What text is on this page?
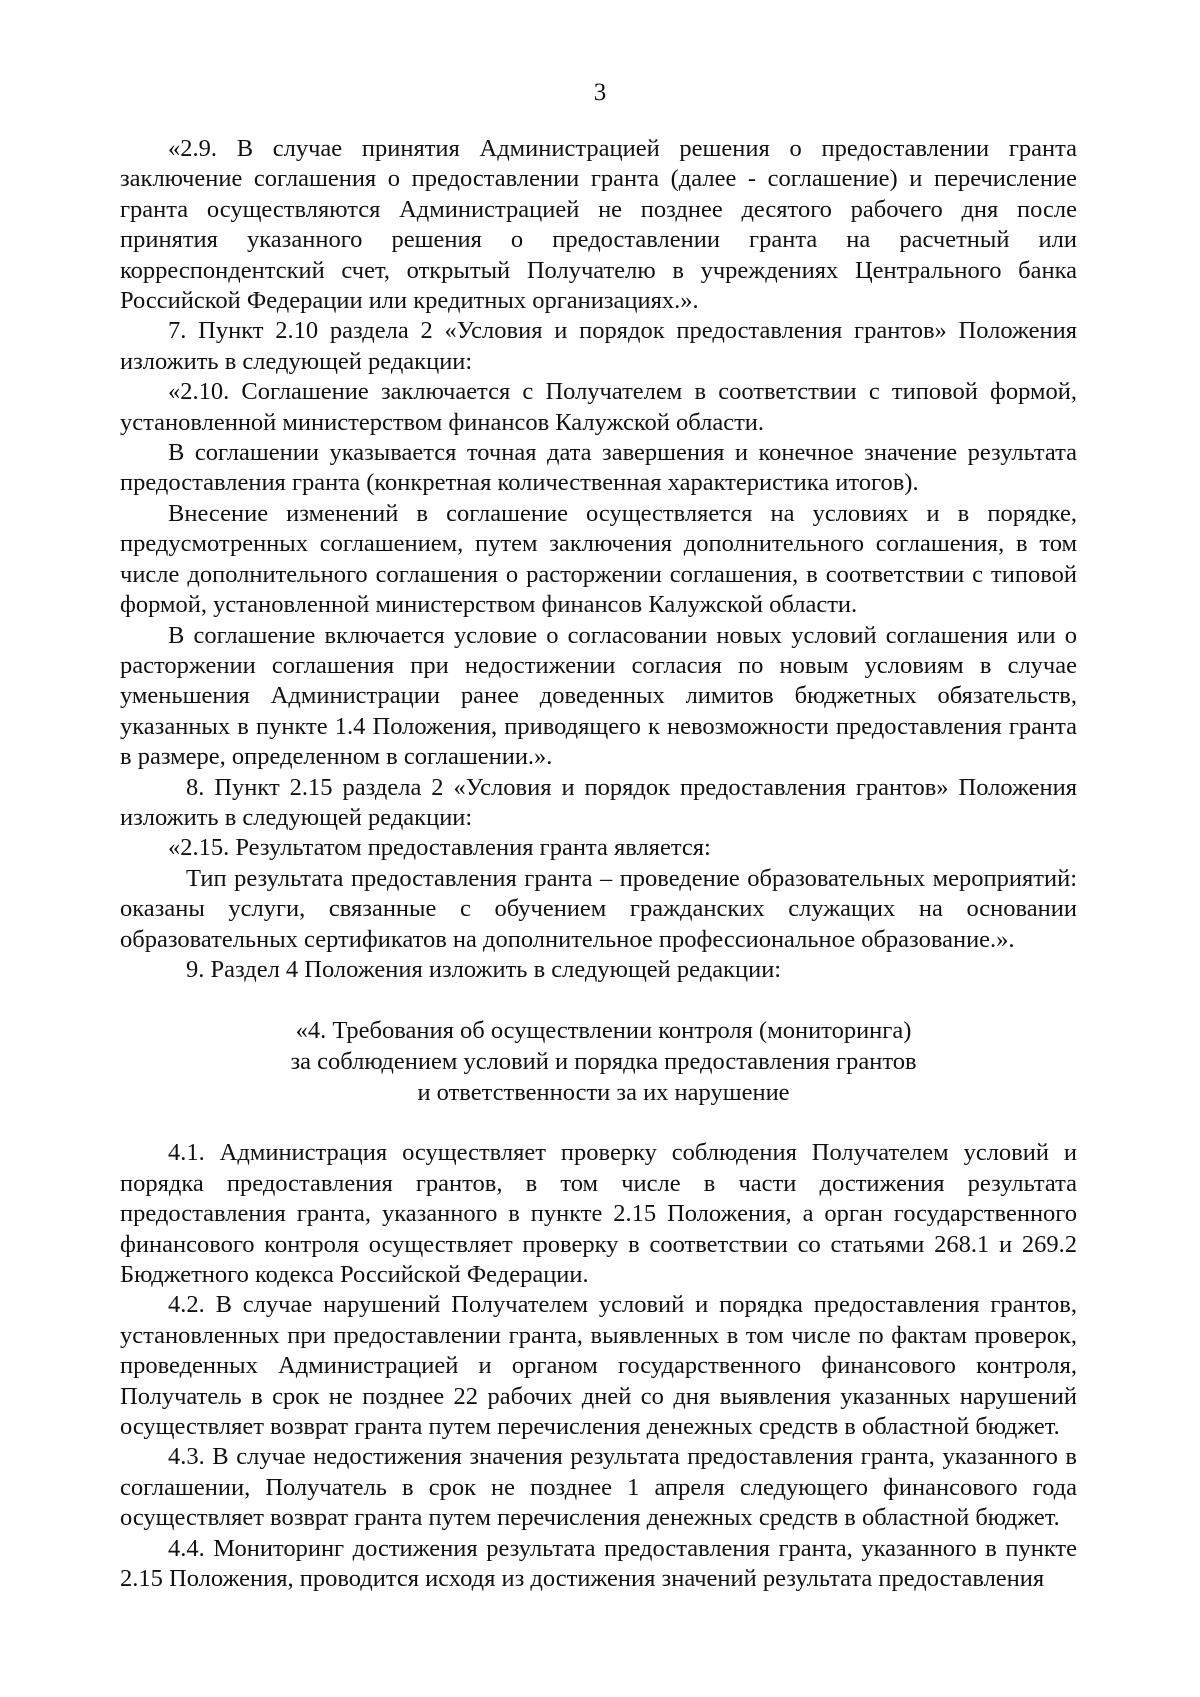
3

«2.9. В случае принятия Администрацией решения о предоставлении гранта заключение соглашения о предоставлении гранта (далее - соглашение) и перечисление гранта осуществляются Администрацией не позднее десятого рабочего дня после принятия указанного решения о предоставлении гранта на расчетный или корреспондентский счет, открытый Получателю в учреждениях Центрального банка Российской Федерации или кредитных организациях.».

7. Пункт 2.10 раздела 2 «Условия и порядок предоставления грантов» Положения изложить в следующей редакции:

«2.10. Соглашение заключается с Получателем в соответствии с типовой формой, установленной министерством финансов Калужской области.

В соглашении указывается точная дата завершения и конечное значение результата предоставления гранта (конкретная количественная характеристика итогов).

Внесение изменений в соглашение осуществляется на условиях и в порядке, предусмотренных соглашением, путем заключения дополнительного соглашения, в том числе дополнительного соглашения о расторжении соглашения, в соответствии с типовой формой, установленной министерством финансов Калужской области.

В соглашение включается условие о согласовании новых условий соглашения или о расторжении соглашения при недостижении согласия по новым условиям в случае уменьшения Администрации ранее доведенных лимитов бюджетных обязательств, указанных в пункте 1.4 Положения, приводящего к невозможности предоставления гранта в размере, определенном в соглашении.».

8. Пункт 2.15 раздела 2 «Условия и порядок предоставления грантов» Положения изложить в следующей редакции:

«2.15. Результатом предоставления гранта является:

Тип результата предоставления гранта – проведение образовательных мероприятий: оказаны услуги, связанные с обучением гражданских служащих на основании образовательных сертификатов на дополнительное профессиональное образование.».

9. Раздел 4 Положения изложить в следующей редакции:

«4. Требования об осуществлении контроля (мониторинга)
за соблюдением условий и порядка предоставления грантов
и ответственности за их нарушение

4.1. Администрация осуществляет проверку соблюдения Получателем условий и порядка предоставления грантов, в том числе в части достижения результата предоставления гранта, указанного в пункте 2.15 Положения, а орган государственного финансового контроля осуществляет проверку в соответствии со статьями 268.1 и 269.2 Бюджетного кодекса Российской Федерации.

4.2. В случае нарушений Получателем условий и порядка предоставления грантов, установленных при предоставлении гранта, выявленных в том числе по фактам проверок, проведенных Администрацией и органом государственного финансового контроля, Получатель в срок не позднее 22 рабочих дней со дня выявления указанных нарушений осуществляет возврат гранта путем перечисления денежных средств в областной бюджет.

4.3. В случае недостижения значения результата предоставления гранта, указанного в соглашении, Получатель в срок не позднее 1 апреля следующего финансового года осуществляет возврат гранта путем перечисления денежных средств в областной бюджет.

4.4. Мониторинг достижения результата предоставления гранта, указанного в пункте 2.15 Положения, проводится исходя из достижения значений результата предоставления
